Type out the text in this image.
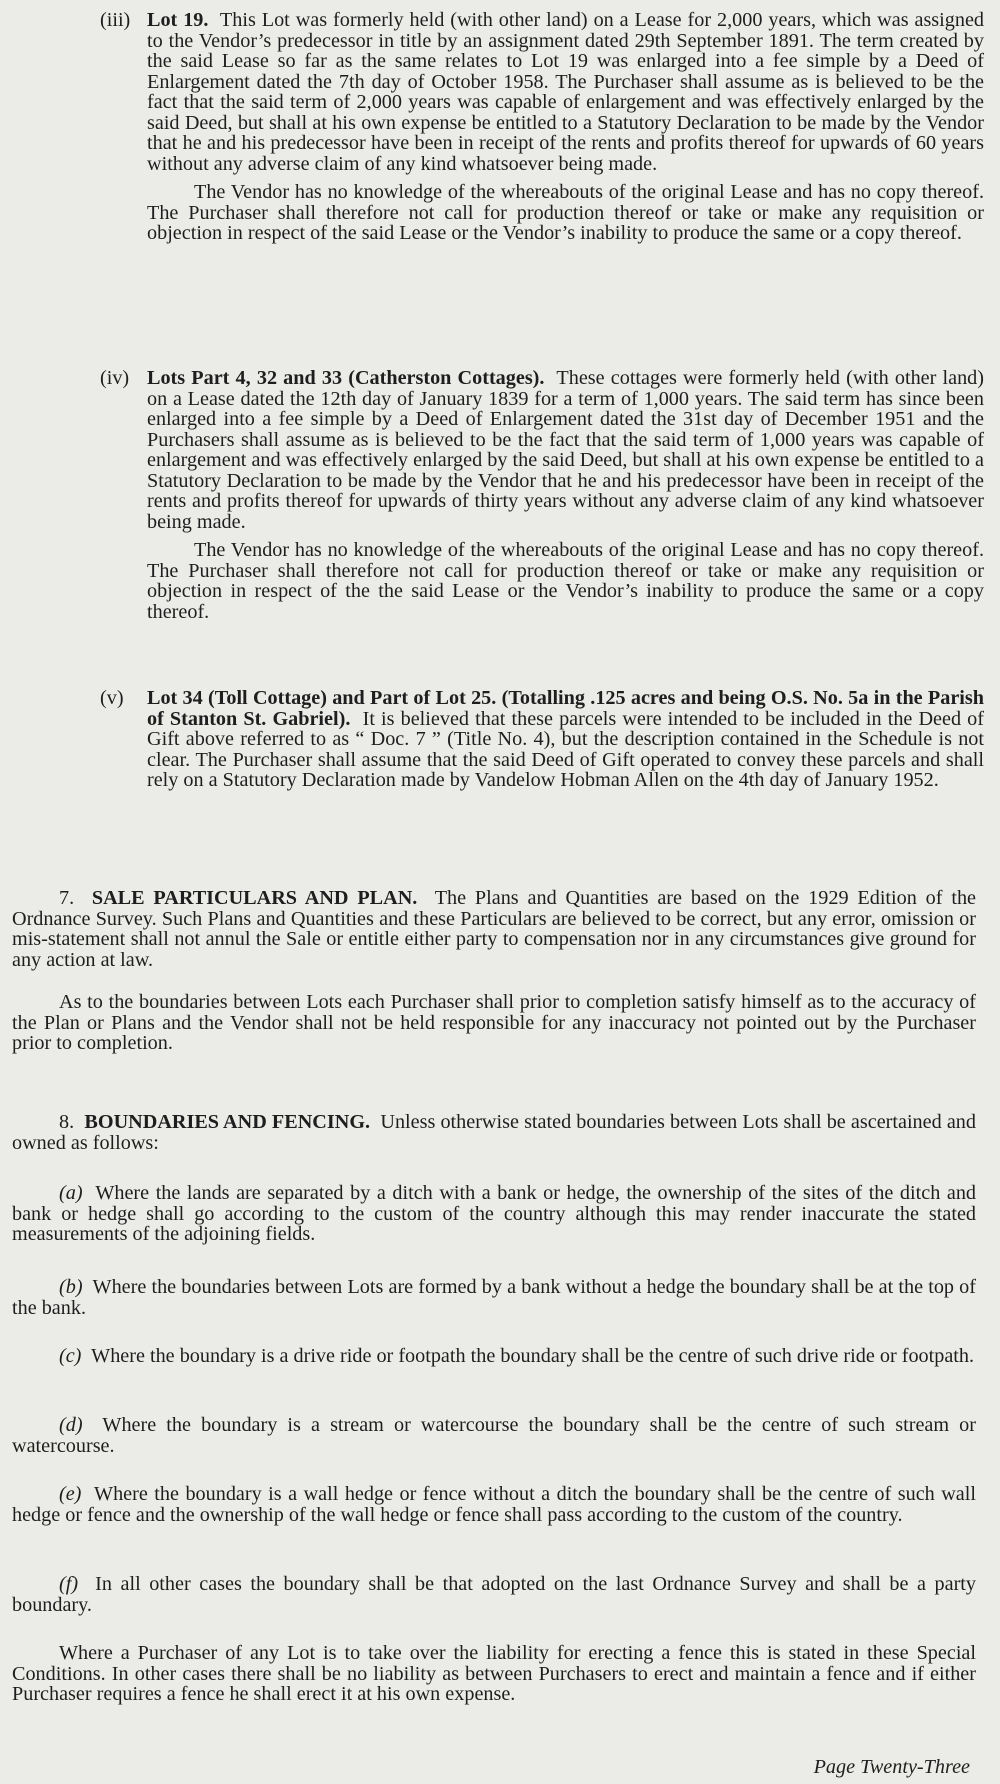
(iii) Lot 19. This Lot was formerly held (with other land) on a Lease for 2,000 years, which was assigned to the Vendor’s predecessor in title by an assignment dated 29th September 1891. The term created by the said Lease so far as the same relates to Lot 19 was enlarged into a fee simple by a Deed of Enlargement dated the 7th day of October 1958. The Purchaser shall assume as is believed to be the fact that the said term of 2,000 years was capable of enlargement and was effectively enlarged by the said Deed, but shall at his own expense be entitled to a Statutory Declaration to be made by the Vendor that he and his predecessor have been in receipt of the rents and profits thereof for upwards of 60 years without any adverse claim of any kind whatsoever being made.

The Vendor has no knowledge of the whereabouts of the original Lease and has no copy thereof. The Purchaser shall therefore not call for production thereof or take or make any requisition or objection in respect of the said Lease or the Vendor’s inability to produce the same or a copy thereof.

(iv) Lots Part 4, 32 and 33 (Catherston Cottages). These cottages were formerly held (with other land) on a Lease dated the 12th day of January 1839 for a term of 1,000 years. The said term has since been enlarged into a fee simple by a Deed of Enlargement dated the 31st day of December 1951 and the Purchasers shall assume as is believed to be the fact that the said term of 1,000 years was capable of enlargement and was effectively enlarged by the said Deed, but shall at his own expense be entitled to a Statutory Declaration to be made by the Vendor that he and his predecessor have been in receipt of the rents and profits thereof for upwards of thirty years without any adverse claim of any kind whatsoever being made.

The Vendor has no knowledge of the whereabouts of the original Lease and has no copy thereof. The Purchaser shall therefore not call for production thereof or take or make any requisition or objection in respect of the the said Lease or the Vendor’s inability to produce the same or a copy thereof.

(v) Lot 34 (Toll Cottage) and Part of Lot 25. (Totalling .125 acres and being O.S. No. 5a in the Parish of Stanton St. Gabriel). It is believed that these parcels were intended to be included in the Deed of Gift above referred to as “ Doc. 7 ” (Title No. 4), but the description contained in the Schedule is not clear. The Purchaser shall assume that the said Deed of Gift operated to convey these parcels and shall rely on a Statutory Declaration made by Vandelow Hobman Allen on the 4th day of January 1952.

7. SALE PARTICULARS AND PLAN. The Plans and Quantities are based on the 1929 Edition of the Ordnance Survey. Such Plans and Quantities and these Particulars are believed to be correct, but any error, omission or mis-statement shall not annul the Sale or entitle either party to compensation nor in any circumstances give ground for any action at law.

As to the boundaries between Lots each Purchaser shall prior to completion satisfy himself as to the accuracy of the Plan or Plans and the Vendor shall not be held responsible for any inaccuracy not pointed out by the Purchaser prior to completion.

8. BOUNDARIES AND FENCING. Unless otherwise stated boundaries between Lots shall be ascertained and owned as follows:

(a) Where the lands are separated by a ditch with a bank or hedge, the ownership of the sites of the ditch and bank or hedge shall go according to the custom of the country although this may render inaccurate the stated measurements of the adjoining fields.

(b) Where the boundaries between Lots are formed by a bank without a hedge the boundary shall be at the top of the bank.

(c) Where the boundary is a drive ride or footpath the boundary shall be the centre of such drive ride or footpath.

(d) Where the boundary is a stream or watercourse the boundary shall be the centre of such stream or watercourse.

(e) Where the boundary is a wall hedge or fence without a ditch the boundary shall be the centre of such wall hedge or fence and the ownership of the wall hedge or fence shall pass according to the custom of the country.

(f) In all other cases the boundary shall be that adopted on the last Ordnance Survey and shall be a party boundary.

Where a Purchaser of any Lot is to take over the liability for erecting a fence this is stated in these Special Conditions. In other cases there shall be no liability as between Purchasers to erect and maintain a fence and if either Purchaser requires a fence he shall erect it at his own expense.

Page Twenty-Three
